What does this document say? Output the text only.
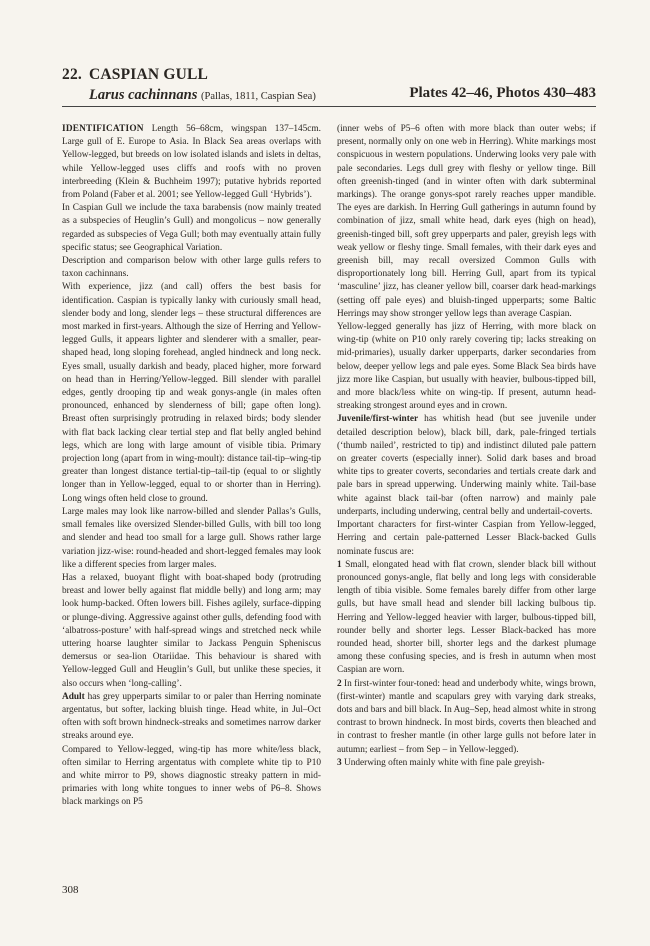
22. CASPIAN GULL
Larus cachinnans (Pallas, 1811, Caspian Sea)	Plates 42–46, Photos 430–483

IDENTIFICATION Length 56–68cm, wingspan 137–145cm. Large gull of E. Europe to Asia. In Black Sea areas overlaps with Yellow-legged, but breeds on low isolated islands and islets in deltas, while Yellow-legged uses cliffs and roofs with no proven interbreeding (Klein & Buchheim 1997); putative hybrids reported from Poland (Faber et al. 2001; see Yellow-legged Gull ‘Hybrids’).

In Caspian Gull we include the taxa barabensis (now mainly treated as a subspecies of Heuglin’s Gull) and mongolicus – now generally regarded as subspecies of Vega Gull; both may eventually attain fully specific status; see Geographical Variation.

Description and comparison below with other large gulls refers to taxon cachinnans.

With experience, jizz (and call) offers the best basis for identification. Caspian is typically lanky with curiously small head, slender body and long, slender legs – these structural differences are most marked in first-years. Although the size of Herring and Yellow-legged Gulls, it appears lighter and slenderer with a smaller, pear-shaped head, long sloping forehead, angled hindneck and long neck. Eyes small, usually darkish and beady, placed higher, more forward on head than in Herring/Yellow-legged. Bill slender with parallel edges, gently drooping tip and weak gonys-angle (in males often pronounced, enhanced by slenderness of bill; gape often long). Breast often surprisingly protruding in relaxed birds; body slender with flat back lacking clear tertial step and flat belly angled behind legs, which are long with large amount of visible tibia. Primary projection long (apart from in wing-moult): distance tail-tip–wing-tip greater than longest distance tertial-tip–tail-tip (equal to or slightly longer than in Yellow-legged, equal to or shorter than in Herring). Long wings often held close to ground.

Large males may look like narrow-billed and slender Pallas’s Gulls, small females like oversized Slender-billed Gulls, with bill too long and slender and head too small for a large gull. Shows rather large variation jizz-wise: round-headed and short-legged females may look like a different species from larger males.

Has a relaxed, buoyant flight with boat-shaped body (protruding breast and lower belly against flat middle belly) and long arm; may look hump-backed. Often lowers bill. Fishes agilely, surface-dipping or plunge-diving. Aggressive against other gulls, defending food with ‘albatross-posture’ with half-spread wings and stretched neck while uttering hoarse laughter similar to Jackass Penguin Spheniscus demersus or sea-lion Otariidae. This behaviour is shared with Yellow-legged Gull and Heuglin’s Gull, but unlike these species, it also occurs when ‘long-calling’.

Adult has grey upperparts similar to or paler than Herring nominate argentatus, but softer, lacking bluish tinge. Head white, in Jul–Oct often with soft brown hindneck-streaks and sometimes narrow darker streaks around eye.

Compared to Yellow-legged, wing-tip has more white/less black, often similar to Herring argentatus with complete white tip to P10 and white mirror to P9, shows diagnostic streaky pattern in mid-primaries with long white tongues to inner webs of P6–8. Shows black markings on P5

(inner webs of P5–6 often with more black than outer webs; if present, normally only on one web in Herring). White markings most conspicuous in western populations. Underwing looks very pale with pale secondaries. Legs dull grey with fleshy or yellow tinge. Bill often greenish-tinged (and in winter often with dark subterminal markings). The orange gonys-spot rarely reaches upper mandible. The eyes are darkish. In Herring Gull gatherings in autumn found by combination of jizz, small white head, dark eyes (high on head), greenish-tinged bill, soft grey upperparts and paler, greyish legs with weak yellow or fleshy tinge. Small females, with their dark eyes and greenish bill, may recall oversized Common Gulls with disproportionately long bill. Herring Gull, apart from its typical ‘masculine’ jizz, has cleaner yellow bill, coarser dark head-markings (setting off pale eyes) and bluish-tinged upperparts; some Baltic Herrings may show stronger yellow legs than average Caspian.

Yellow-legged generally has jizz of Herring, with more black on wing-tip (white on P10 only rarely covering tip; lacks streaking on mid-primaries), usually darker upperparts, darker secondaries from below, deeper yellow legs and pale eyes. Some Black Sea birds have jizz more like Caspian, but usually with heavier, bulbous-tipped bill, and more black/less white on wing-tip. If present, autumn head-streaking strongest around eyes and in crown.

Juvenile/first-winter has whitish head (but see juvenile under detailed description below), black bill, dark, pale-fringed tertials (‘thumb nailed’, restricted to tip) and indistinct diluted pale pattern on greater coverts (especially inner). Solid dark bases and broad white tips to greater coverts, secondaries and tertials create dark and pale bars in spread upperwing. Underwing mainly white. Tail-base white against black tail-bar (often narrow) and mainly pale underparts, including underwing, central belly and undertail-coverts.

Important characters for first-winter Caspian from Yellow-legged, Herring and certain pale-patterned Lesser Black-backed Gulls nominate fuscus are:

1 Small, elongated head with flat crown, slender black bill without pronounced gonys-angle, flat belly and long legs with considerable length of tibia visible. Some females barely differ from other large gulls, but have small head and slender bill lacking bulbous tip. Herring and Yellow-legged heavier with larger, bulbous-tipped bill, rounder belly and shorter legs. Lesser Black-backed has more rounded head, shorter bill, shorter legs and the darkest plumage among these confusing species, and is fresh in autumn when most Caspian are worn.

2 In first-winter four-toned: head and underbody white, wings brown, (first-winter) mantle and scapulars grey with varying dark streaks, dots and bars and bill black. In Aug–Sep, head almost white in strong contrast to brown hindneck. In most birds, coverts then bleached and in contrast to fresher mantle (in other large gulls not before later in autumn; earliest – from Sep – in Yellow-legged).

3 Underwing often mainly white with fine pale greyish-

308
